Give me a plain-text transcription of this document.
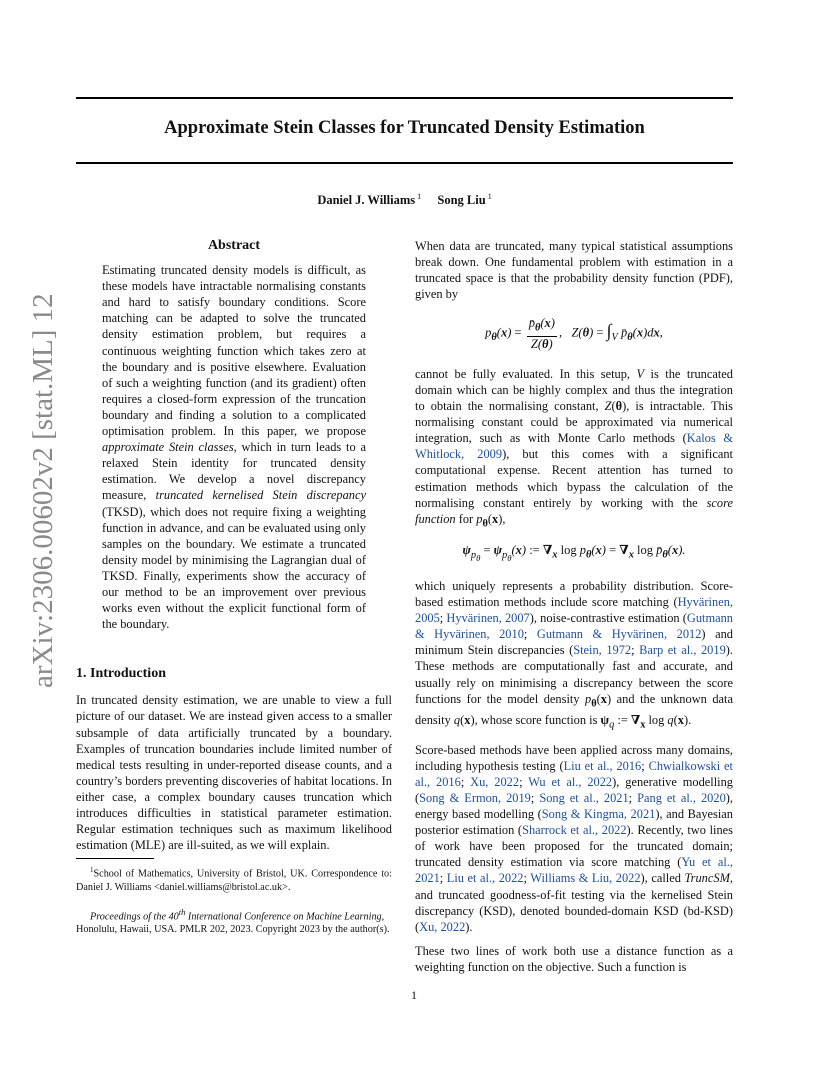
arXiv:2306.00602v2 [stat.ML] 12 Apr 2024
Approximate Stein Classes for Truncated Density Estimation
Daniel J. Williams $^1$ Song Liu $^1$
Abstract

Estimating truncated density models is difficult, as these models have intractable normalising constants and hard to satisfy boundary conditions. Score matching can be adapted to solve the truncated density estimation problem, but requires a continuous weighting function which takes zero at the boundary and is positive elsewhere. Evaluation of such a weighting function (and its gradient) often requires a closed-form expression of the truncation boundary and finding a solution to a complicated optimisation problem. In this paper, we propose approximate Stein classes, which in turn leads to a relaxed Stein identity for truncated density estimation. We develop a novel discrepancy measure, truncated kernelised Stein discrepancy (TKSD), which does not require fixing a weighting function in advance, and can be evaluated using only samples on the boundary. We estimate a truncated density model by minimising the Lagrangian dual of TKSD. Finally, experiments show the accuracy of our method to be an improvement over previous works even without the explicit functional form of the boundary.

1. Introduction

In truncated density estimation, we are unable to view a full picture of our dataset. We are instead given access to a smaller subsample of data artificially truncated by a boundary. Examples of truncation boundaries include limited number of medical tests resulting in under-reported disease counts, and a country’s borders preventing discoveries of habitat locations. In either case, a complex boundary causes truncation which introduces difficulties in statistical parameter estimation. Regular estimation techniques such as maximum likelihood estimation (MLE) are ill-suited, as we will explain.

$^1$School of Mathematics, University of Bristol, UK. Correspondence to: Daniel J. Williams <daniel.williams@bristol.ac.uk>.

Proceedings of the 40th International Conference on Machine Learning, Honolulu, Hawaii, USA. PMLR 202, 2023. Copyright 2023 by the author(s).

When data are truncated, many typical statistical assumptions break down. One fundamental problem with estimation in a truncated space is that the probability density function (PDF), given by

$p_\theta(x) = \frac{p̄_\theta(x)}{Z(\theta)}$ ,   $Z(\theta) = \int_V$ $p̄_\theta(x)dx$,

cannot be fully evaluated. In this setup, V is the truncated domain which can be highly complex and thus the integration to obtain the normalising constant, Z(θ), is intractable. This normalising constant could be approximated via numerical integration, such as with Monte Carlo methods (Kalos & Whitlock, 2009), but this comes with a significant computational expense. Recent attention has turned to estimation methods which bypass the calculation of the normalising constant entirely by working with the score function for $p_\theta(x)$,

$\psi_{p_\theta} = \psi_{p_\theta}(x)$ := $\nabla_x$ $\log p_\theta(x) = \nabla_x$ $\log p̄_\theta(x)$.

which uniquely represents a probability distribution. Score-based estimation methods include score matching (Hyvärinen, 2005; Hyvärinen, 2007), noise-contrastive estimation (Gutmann & Hyvärinen, 2010; Gutmann & Hyvärinen, 2012) and minimum Stein discrepancies (Stein, 1972; Barp et al., 2019). These methods are computationally fast and accurate, and usually rely on minimising a discrepancy between the score functions for the model density $p_\theta(x)$ and the unknown data density q(x), whose score function is $\psi_q$ := $\nabla_x$ log q(x).

Score-based methods have been applied across many domains, including hypothesis testing (Liu et al., 2016; Chwialkowski et al., 2016; Xu, 2022; Wu et al., 2022), generative modelling (Song & Ermon, 2019; Song et al., 2021; Pang et al., 2020), energy based modelling (Song & Kingma, 2021), and Bayesian posterior estimation (Sharrock et al., 2022). Recently, two lines of work have been proposed for the truncated domain; truncated density estimation via score matching (Yu et al., 2021; Liu et al., 2022; Williams & Liu, 2022), called TruncSM, and truncated goodness-of-fit testing via the kernelised Stein discrepancy (KSD), denoted bounded-domain KSD (bd-KSD) (Xu, 2022).

These two lines of work both use a distance function as a weighting function on the objective. Such a function is

1
